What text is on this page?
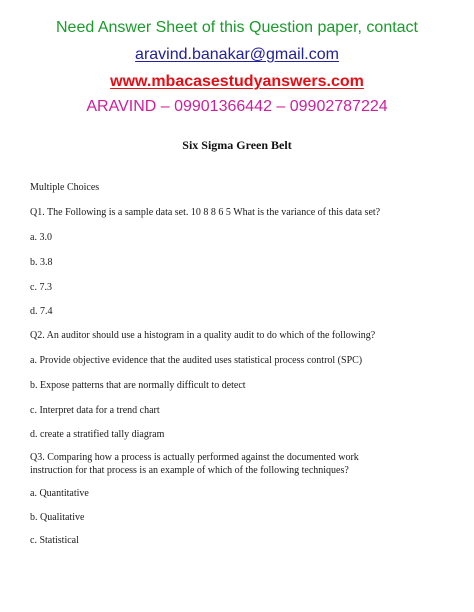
Need Answer Sheet of this Question paper, contact
aravind.banakar@gmail.com
www.mbacasestudyanswers.com
ARAVIND – 09901366442 – 09902787224
Six Sigma Green Belt
Multiple Choices
Q1. The Following is a sample data set. 10 8 8 6 5 What is the variance of this data set?
a. 3.0
b. 3.8
c. 7.3
d. 7.4
Q2. An auditor should use a histogram in a quality audit to do which of the following?
a. Provide objective evidence that the audited uses statistical process control (SPC)
b. Expose patterns that are normally difficult to detect
c. Interpret data for a trend chart
d. create a stratified tally diagram
Q3. Comparing how a process is actually performed against the documented work
instruction for that process is an example of which of the following techniques?
a. Quantitative
b. Qualitative
c. Statistical
